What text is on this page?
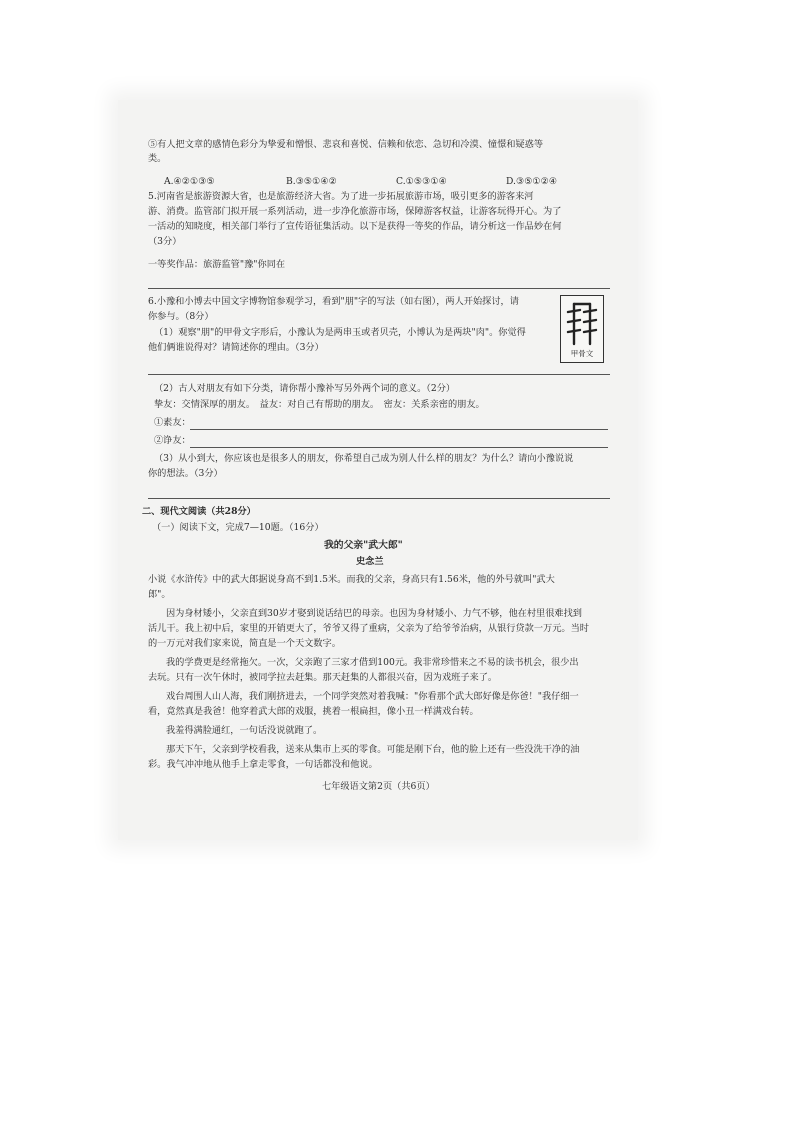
⑤有人把文章的感情色彩分为挚爱和憎恨、悲哀和喜悦、信赖和依恋、急切和冷漠、憧憬和疑惑等
类。
A.④②①③⑤	B.③⑤①④②	C.①⑤③①④	D.③⑤①②④
5.河南省是旅游资源大省，也是旅游经济大省。为了进一步拓展旅游市场，吸引更多的游客来河
游、消费。监管部门拟开展一系列活动，进一步净化旅游市场，保障游客权益，让游客玩得开心。为了
一活动的知晓度，相关部门举行了宣传语征集活动。以下是获得一等奖的作品，请分析这一作品妙在何
（3分）
一等奖作品：旅游监管"豫"你同在
6.小豫和小博去中国文字博物馆参观学习，看到"朋"字的写法（如右图），两人开始探讨，请
你参与。（8分）
（1）观察"朋"的甲骨文字形后，小豫认为是两串玉或者贝壳，小博认为是两块"肉"。你觉得
他们俩谁说得对？请简述你的理由。（3分）
甲骨文
（2）古人对朋友有如下分类，请你帮小豫补写另外两个词的意义。（2分）
挚友：交情深厚的朋友。　益友：对自己有帮助的朋友。　密友：关系亲密的朋友。
①素友：
②诤友：
（3）从小到大，你应该也是很多人的朋友，你希望自己成为别人什么样的朋友？为什么？请向小豫说说
你的想法。（3分）
二、现代文阅读（共28分）
（一）阅读下文，完成7—10题。（16分）
我的父亲"武大郎"
史念兰
小说《水浒传》中的武大郎据说身高不到1.5米。而我的父亲，身高只有1.56米，他的外号就叫"武大
郎"。
因为身材矮小，父亲直到30岁才娶到说话结巴的母亲。也因为身材矮小、力气不够，他在村里很难找到
活儿干。我上初中后，家里的开销更大了，爷爷又得了重病，父亲为了给爷爷治病，从银行贷款一万元。当时
的一万元对我们家来说，简直是一个天文数字。
我的学费更是经常拖欠。一次，父亲跑了三家才借到100元。我非常珍惜来之不易的读书机会，很少出
去玩。只有一次午休时，被同学拉去赶集。那天赶集的人都很兴奋，因为戏班子来了。
戏台周围人山人海，我们刚挤进去，一个同学突然对着我喊："你看那个武大郎好像是你爸！"我仔细一
看，竟然真是我爸！他穿着武大郎的戏服，挑着一根扁担，像小丑一样满戏台转。
我羞得满脸通红，一句话没说就跑了。
那天下午，父亲到学校看我，送来从集市上买的零食。可能是刚下台，他的脸上还有一些没洗干净的油
彩。我气冲冲地从他手上拿走零食，一句话都没和他说。
七年级语文第2页（共6页）
